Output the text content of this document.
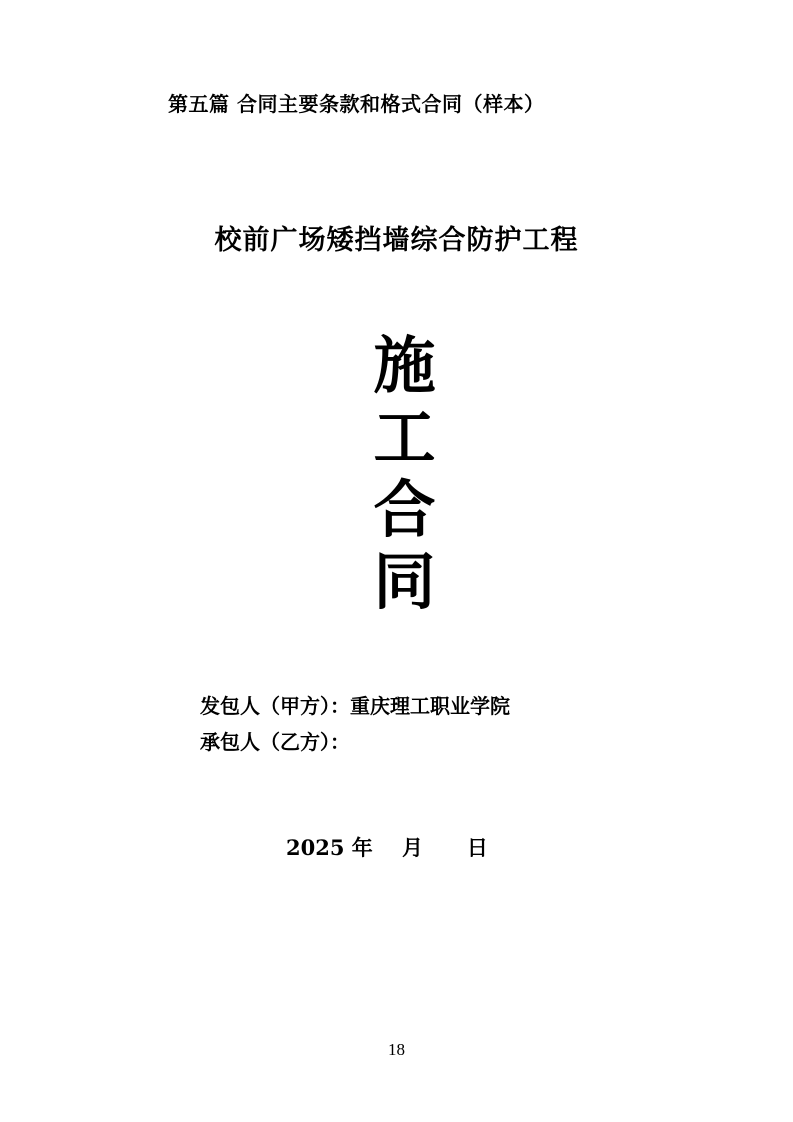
第五篇 合同主要条款和格式合同（样本）
校前广场矮挡墙综合防护工程
施
工
合
同
发包人（甲方）：重庆理工职业学院
承包人（乙方）：
2025 年    月      日
18
